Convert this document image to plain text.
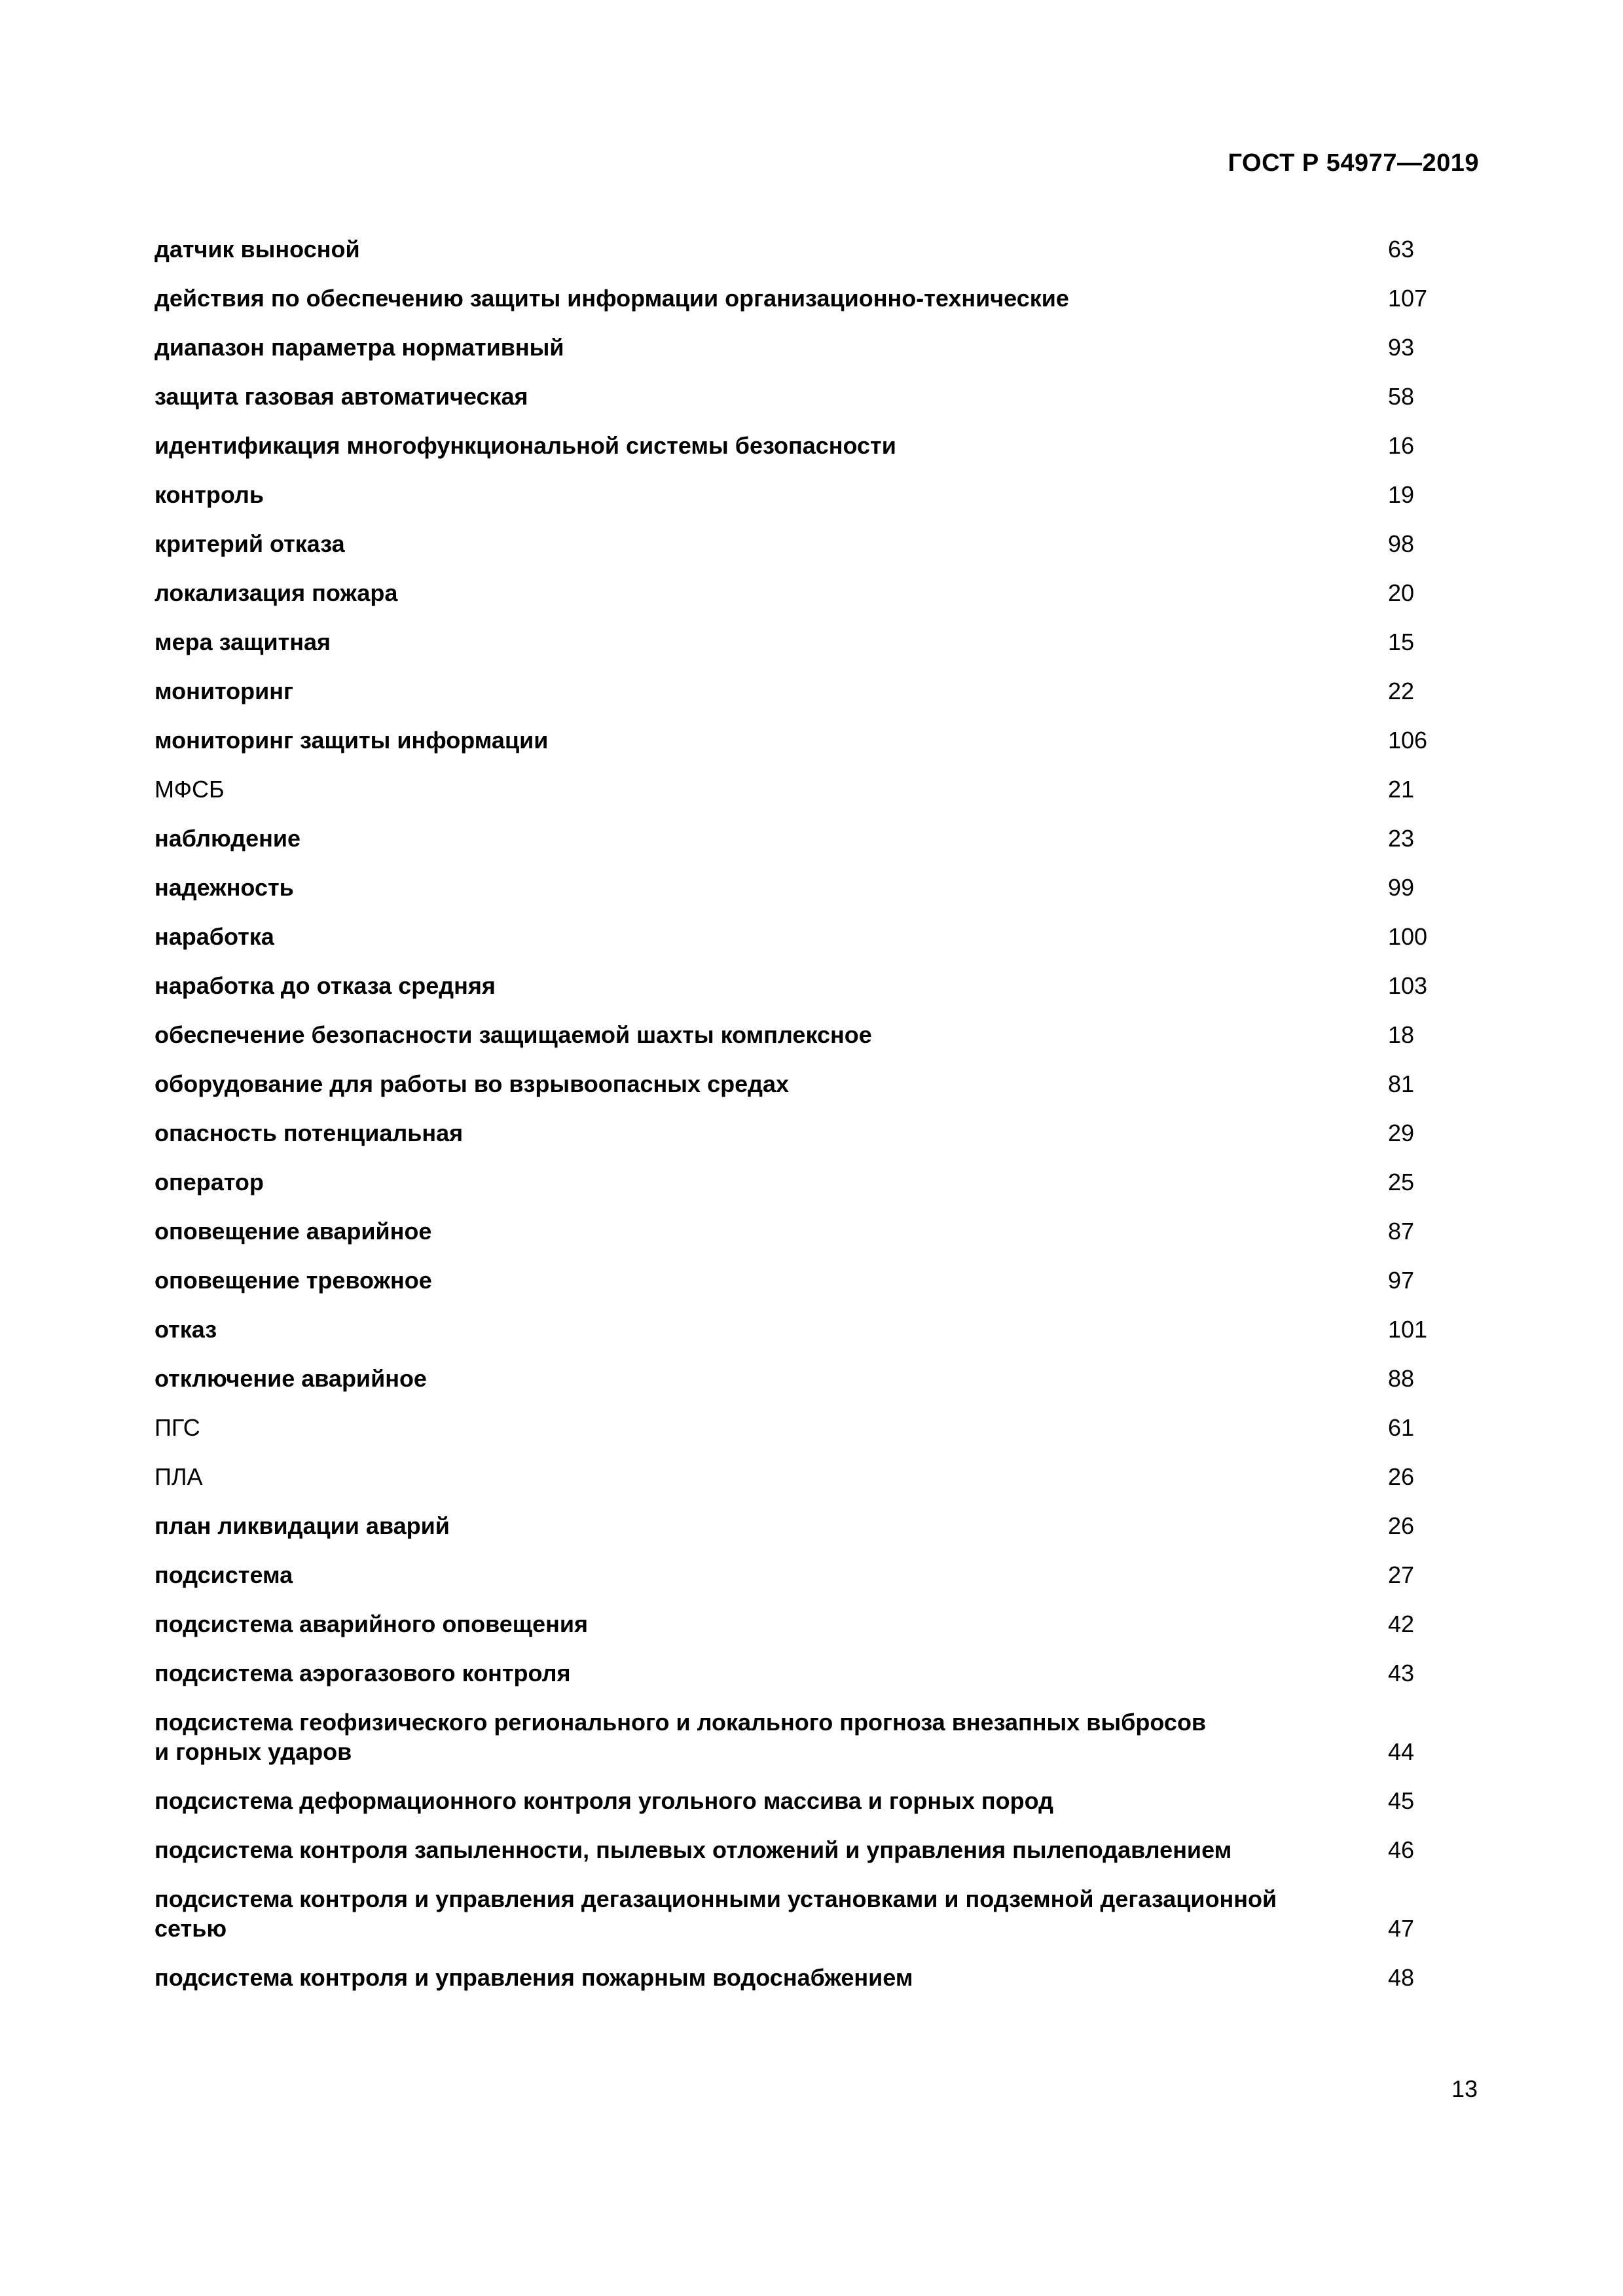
ГОСТ Р 54977—2019
датчик выносной	63
действия по обеспечению защиты информации организационно-технические	107
диапазон параметра нормативный	93
защита газовая автоматическая	58
идентификация многофункциональной системы безопасности	16
контроль	19
критерий отказа	98
локализация пожара	20
мера защитная	15
мониторинг	22
мониторинг защиты информации	106
МФСБ	21
наблюдение	23
надежность	99
наработка	100
наработка до отказа средняя	103
обеспечение безопасности защищаемой шахты комплексное	18
оборудование для работы во взрывоопасных средах	81
опасность потенциальная	29
оператор	25
оповещение аварийное	87
оповещение тревожное	97
отказ	101
отключение аварийное	88
ПГС	61
ПЛА	26
план ликвидации аварий	26
подсистема	27
подсистема аварийного оповещения	42
подсистема аэрогазового контроля	43
подсистема геофизического регионального и локального прогноза внезапных выбросов
и горных ударов	44
подсистема деформационного контроля угольного массива и горных пород	45
подсистема контроля запыленности, пылевых отложений и управления пылеподавлением	46
подсистема контроля и управления дегазационными установками и подземной дегазационной
сетью	47
подсистема контроля и управления пожарным водоснабжением	48
13
